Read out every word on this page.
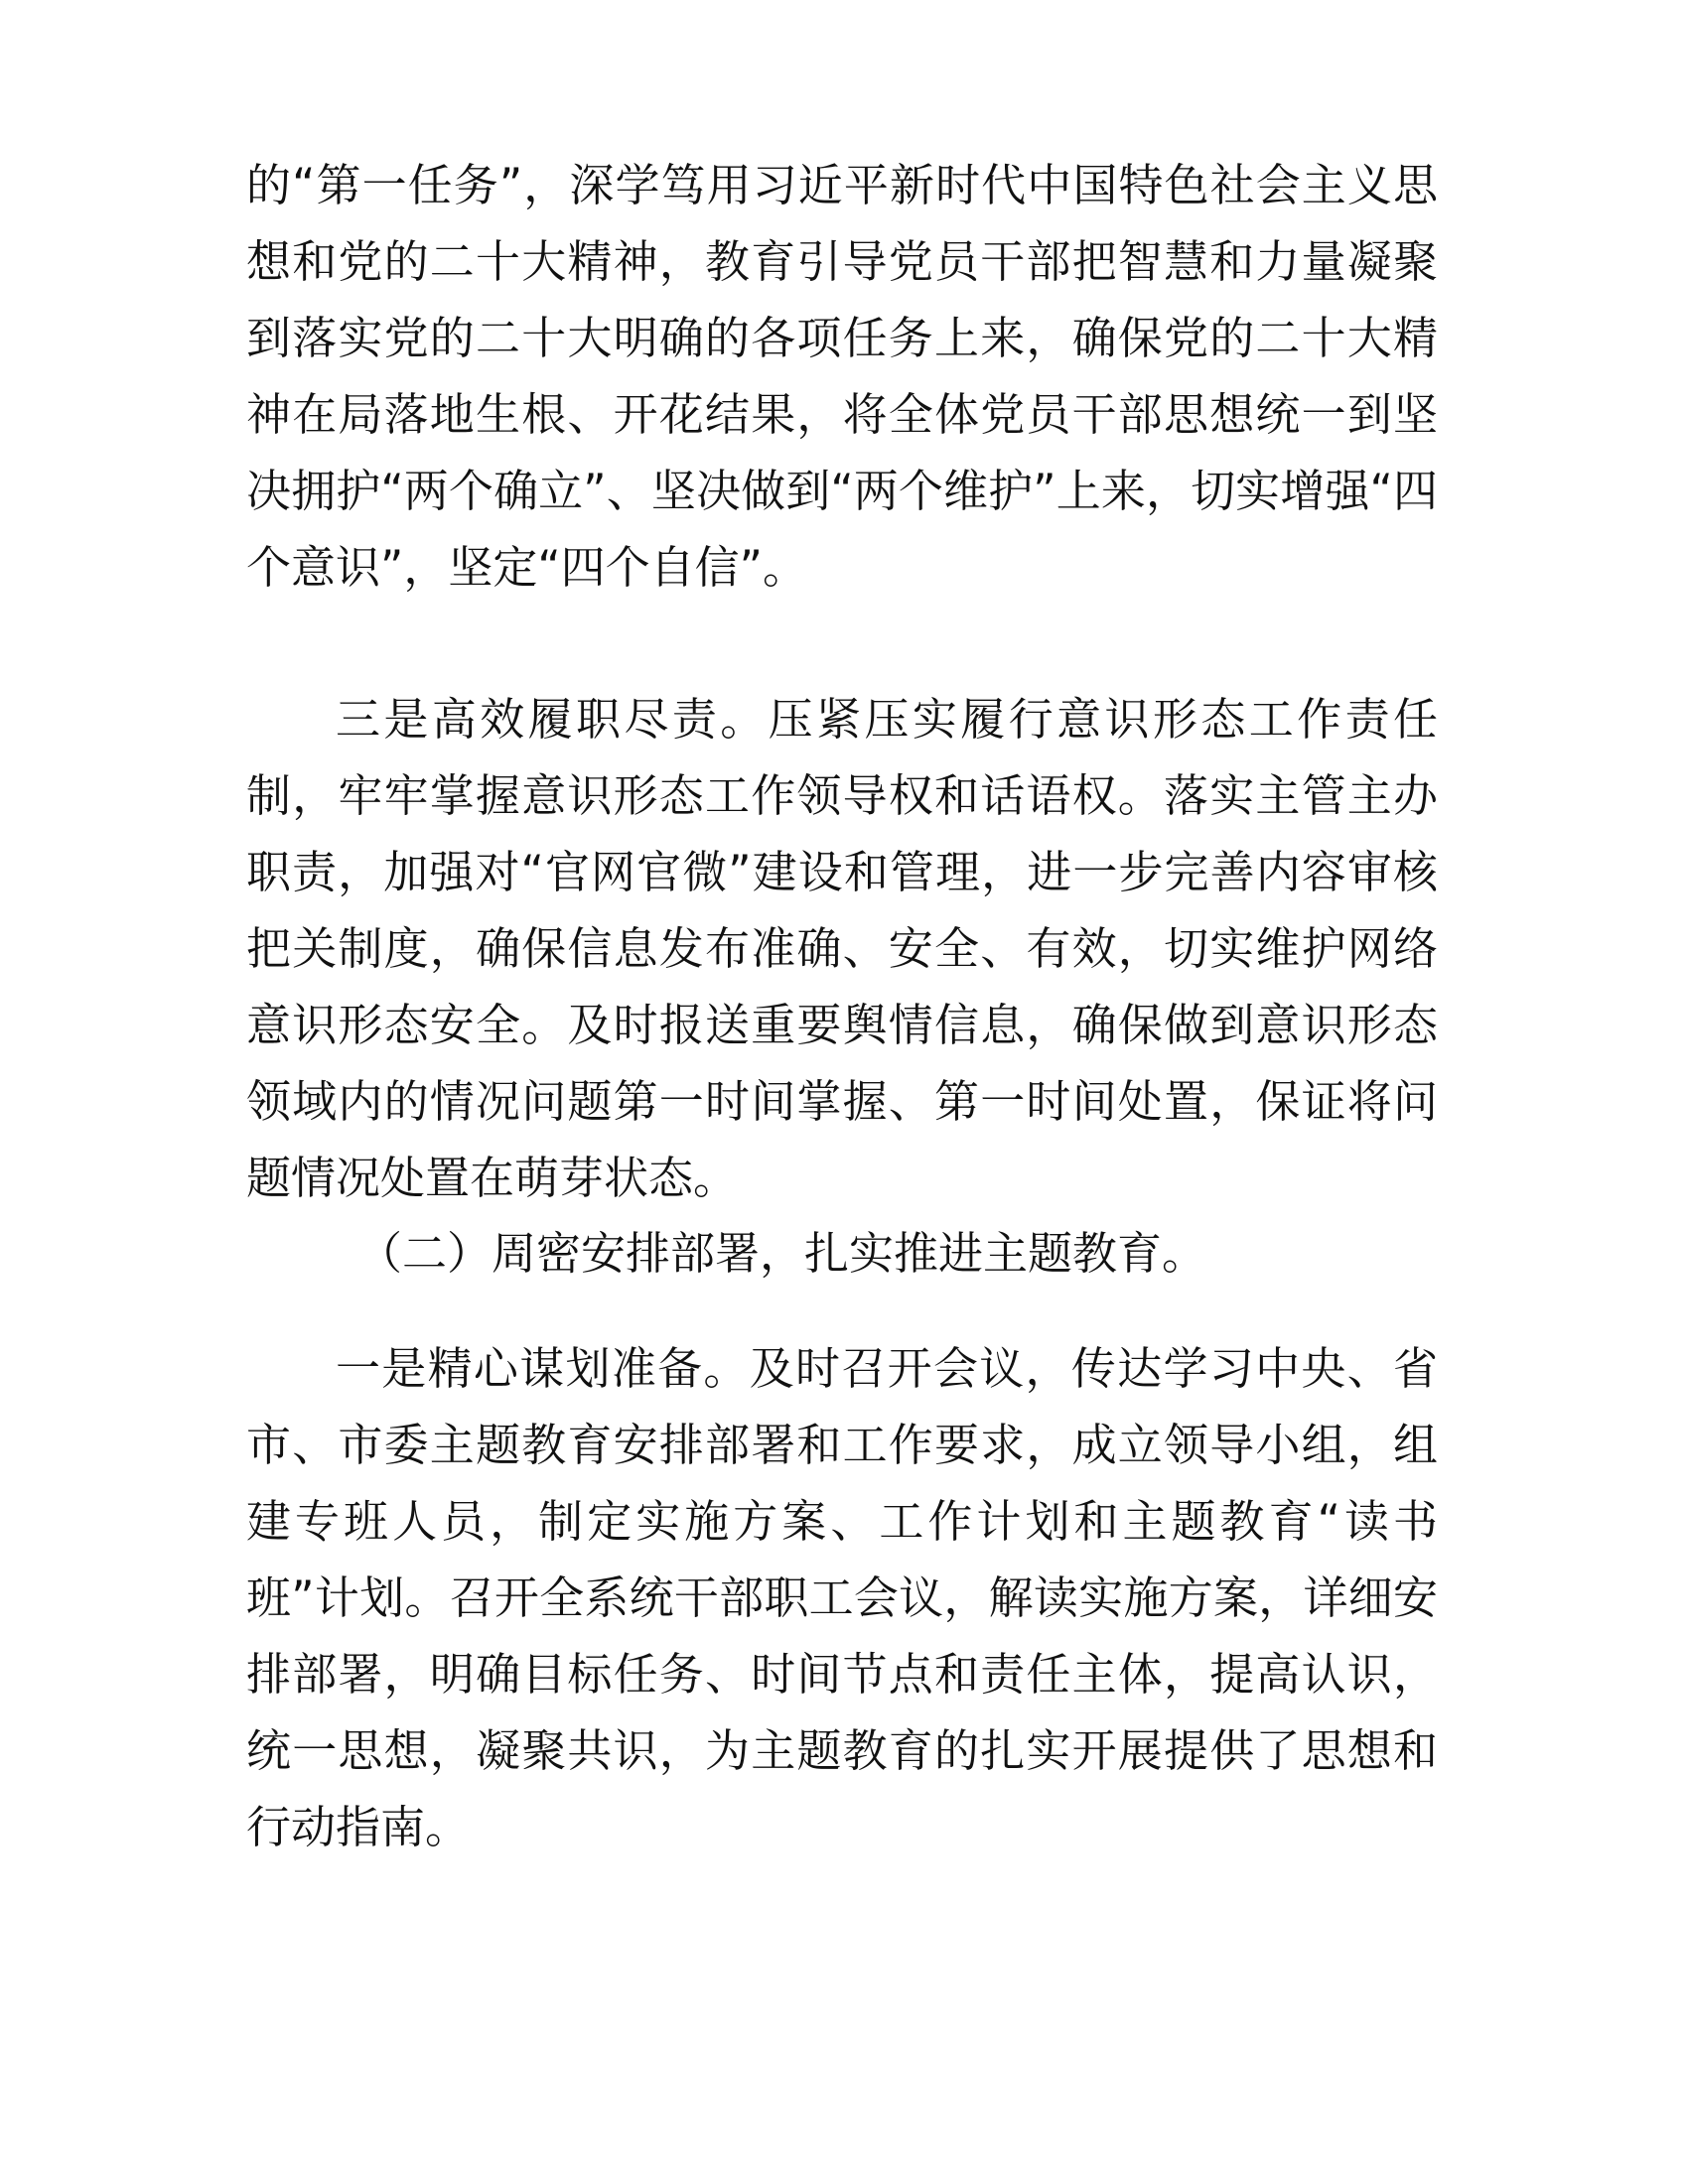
的“第一任务”，深学笃用习近平新时代中国特色社会主义思想和党的二十大精神，教育引导党员干部把智慧和力量凝聚到落实党的二十大明确的各项任务上来，确保党的二十大精神在局落地生根、开花结果，将全体党员干部思想统一到坚决拥护“两个确立”、坚决做到“两个维护”上来，切实增强“四个意识”，坚定“四个自信”。

三是高效履职尽责。压紧压实履行意识形态工作责任制，牢牢掌握意识形态工作领导权和话语权。落实主管主办职责，加强对“官网官微”建设和管理，进一步完善内容审核把关制度，确保信息发布准确、安全、有效，切实维护网络意识形态安全。及时报送重要舆情信息，确保做到意识形态领域内的情况问题第一时间掌握、第一时间处置，保证将问题情况处置在萌芽状态。

（二）周密安排部署，扎实推进主题教育。

一是精心谋划准备。及时召开会议，传达学习中央、省市、市委主题教育安排部署和工作要求，成立领导小组，组建专班人员，制定实施方案、工作计划和主题教育“读书班”计划。召开全系统干部职工会议，解读实施方案，详细安排部署，明确目标任务、时间节点和责任主体，提高认识，统一思想，凝聚共识，为主题教育的扎实开展提供了思想和行动指南。
